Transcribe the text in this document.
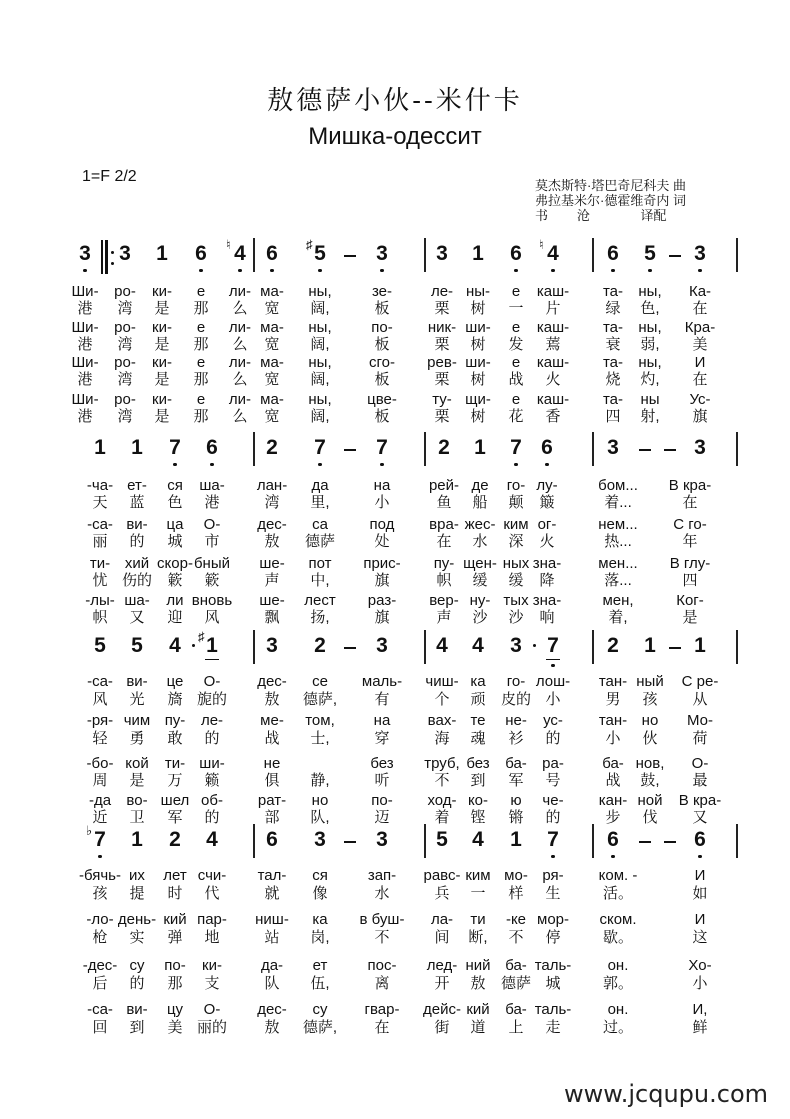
敖德萨小伙--米什卡
Мишка-одессит
1=F 2/2
莫杰斯特·塔巴奇尼科夫 曲
弗拉基米尔·德霍维奇内 词
书        沧              译配
3 3 1 6 4
♮ 6 5
♯	3 3 1 6 4
♮	6 5 3
Ши-	ро-	ки-	е	ли- ма-	ны,	зе-	ле- ны-	е	каш-	та-	ны,	Ка-
港	湾	是	那	么	宽	阔,	板	栗	树	一	片	绿	色,	在
Ши-	ро-	ки-	е	ли- ма-	ны,	по-	ник- ши-	е	каш-	та-	ны,	Кра-
港	湾	是	那	么	宽	阔,	板	栗	树	发	蔫	衰	弱,	美
Ши-	ро-	ки-	е	ли- ма-	ны,	сго-	рев- ши-	е	каш-	та-	ны,	И
港	湾	是	那	么	宽	阔,	板	栗	树	战	火	烧	灼,	在
Ши-	ро-	ки-	е	ли- ма-	ны,	цве-	ту- щи-	е	каш-	та-	ны	Ус-
港	湾	是	那	么	宽	阔,	板	栗	树	花	香	四	射,	旗
1 1 7 6 2 7 7 2 1 7 6	3	3
-ча- ет-	ся	ша-	лан-	да	на	рей- де	го- лу-	бом...	В кра-
天	蓝	色	港	湾	里,	小	鱼	船	颠	簸	着...	在
-са- ви-	ца	О-	дес-	са	под	вра- жес- ким ог-	нем...	С го-
丽	的	城	市	敖	德萨	处	在	水	深	火	热...	年
ти- хий скор- бный	ше-	пот	прис-	пу- щен- ных зна-	мен...	В глу-
忧 伤的	簌	簌	声	中,	旗	帜	缓	缓	降	落...	四
-лы- ша-	ли вновь	ше-	лест	раз-	вер- ну- тых зна-	мен,	Ког-
帜	又	迎	风	飘	扬,	旗	声	沙	沙	响	着,	是
5 5 4 1
♯	3 2 3 4 4 3 7 2 1 1
-са- ви-	це	О-	дес-	се	маль-	чиш- ка	го- лош-	тан- ный	С ре-
风	光	旖 旎的	敖	德萨,	有	个	顽	皮的 小	男	孩	从
-ря- чим пу-	ле-	ме-	том,	на	вах- те	не-	ус-	тан- но	Мо-
轻	勇	敢	的	战	士,	穿	海	魂	衫	的	小	伙	荷
-бо- кой	ти- ши-	не	без	труб, без	ба-	ра-	ба- нов,	О-
周	是	万	籁	俱	静,	听	不	到	军	号	战	鼓,	最
-да	во- шел об-	рат-	но	по-	ход- ко-	ю	че-	кан- ной	В кра-
近	卫	军	的	部	队,	迈	着	铿	锵	的	步	伐	又
7
♭ 1 2 4 6 3 3 5 4 1 7 6	6
-бячь- их	лет счи-	тал-	ся	зап-	равс- ким мо- ря-	ком. -	И
孩	提	时	代	就	像	水	兵	一	样	生	活。	如
-ло- день- кий пар-	ниш-	ка	в буш-	ла-	ти	-ке мор-	ском.	И
枪	实	弹	地	站	岗,	不	间	断,	不	停	歇。	这
-дес- су	по-	ки-	да-	ет	пос-	лед- ний ба- таль-	он.	Хо-
后	的	那	支	队	伍,	离	开	敖	德萨 城	郭。	小
-са- ви-	цу	О-	дес-	су	гвар-	дейс- кий	ба- таль-	он.	И,
回	到	美 丽的	敖	德萨,	在	街	道	上	走	过。	鲜
www.jcqupu.com
